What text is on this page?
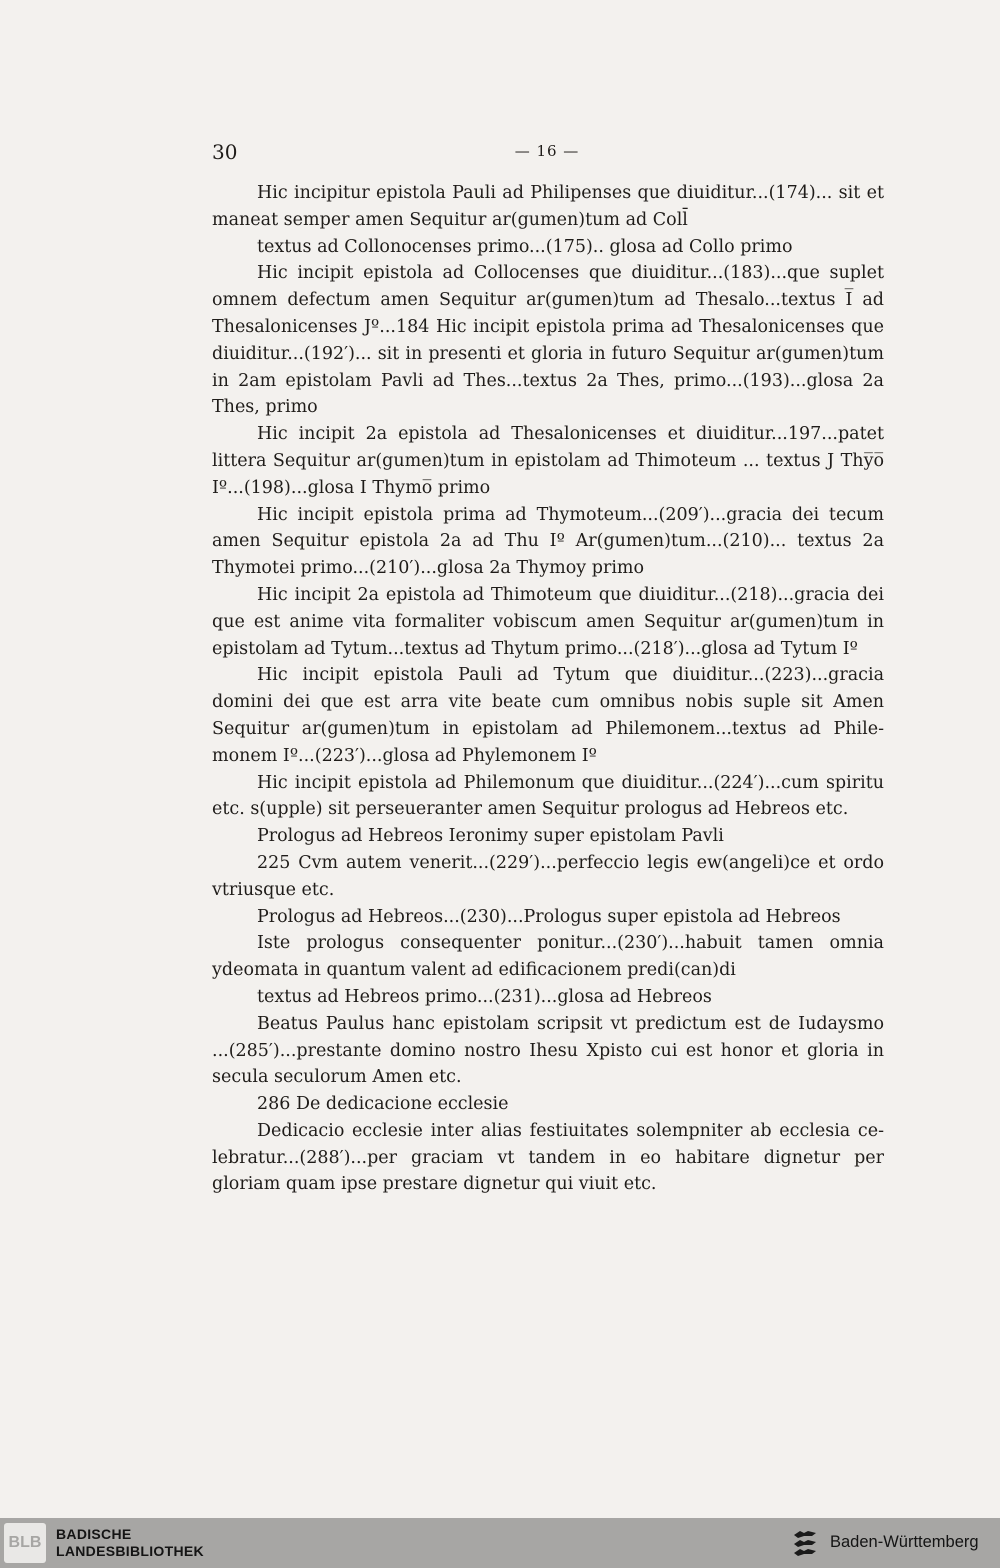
30	— 16 —

Hic incipitur epistola Pauli ad Philipenses que diuiditur...(174)... sit et maneat semper amen Sequitur ar(gumen)tum ad Coll̄

textus ad Collonocenses primo...(175).. glosa ad Collo primo

Hic incipit epistola ad Collocenses que diuiditur...(183)...que suplet omnem defectum amen Sequitur ar(gumen)tum ad Thesalo...textus I̅ ad Thesalonicenses Jº...184 Hic incipit epistola prima ad Thesalonicenses que diuiditur...(192′)... sit in presenti et gloria in futuro Sequitur ar(gumen)tum in 2am epistolam Pavli ad Thes...textus 2a Thes, primo...(193)...glosa 2a Thes, primo

Hic incipit 2a epistola ad Thesalonicenses et diuiditur...197...patet littera Sequitur ar(gumen)tum in epistolam ad Thimoteum ... textus J Thy̅o̅ Iº...(198)...glosa I Thymo̅ primo

Hic incipit epistola prima ad Thymoteum...(209′)...gracia dei tecum amen Sequitur epistola 2a ad Thu Iº Ar(gumen)tum...(210)... textus 2a Thymotei primo...(210′)...glosa 2a Thymoy primo

Hic incipit 2a epistola ad Thimoteum que diuiditur...(218)...gracia dei que est anime vita formaliter vobiscum amen Sequitur ar(gumen)tum in epistolam ad Tytum...textus ad Thytum primo...(218′)...glosa ad Tytum Iº

Hic incipit epistola Pauli ad Tytum que diuiditur...(223)...gracia domini dei que est arra vite beate cum omnibus nobis suple sit Amen Sequitur ar(gumen)tum in epistolam ad Philemonem...textus ad Philemonem Iº...(223′)...glosa ad Phylemonem Iº

Hic incipit epistola ad Philemonum que diuiditur...(224′)...cum spiritu etc. s(upple) sit perseueranter amen Sequitur prologus ad Hebreos etc.

Prologus ad Hebreos Ieronimy super epistolam Pavli

225 Cvm autem venerit...(229′)...perfeccio legis ew(angeli)ce et ordo vtriusque etc.

Prologus ad Hebreos...(230)...Prologus super epistola ad Hebreos

Iste prologus consequenter ponitur...(230′)...habuit tamen omnia ydeomata in quantum valent ad edificacionem predi(can)di

textus ad Hebreos primo...(231)...glosa ad Hebreos

Beatus Paulus hanc epistolam scripsit vt predictum est de Iudaysmo ...(285′)...prestante domino nostro Ihesu Xpisto cui est honor et gloria in secula seculorum Amen etc.

286 De dedicacione ecclesie

Dedicacio ecclesie inter alias festiuitates solempniter ab ecclesia celebratur...(288′)...per graciam vt tandem in eo habitare dignetur per gloriam quam ipse prestare dignetur qui viuit etc.

BLB	BADISCHE
LANDESBIBLIOTHEK	Baden-Württemberg
